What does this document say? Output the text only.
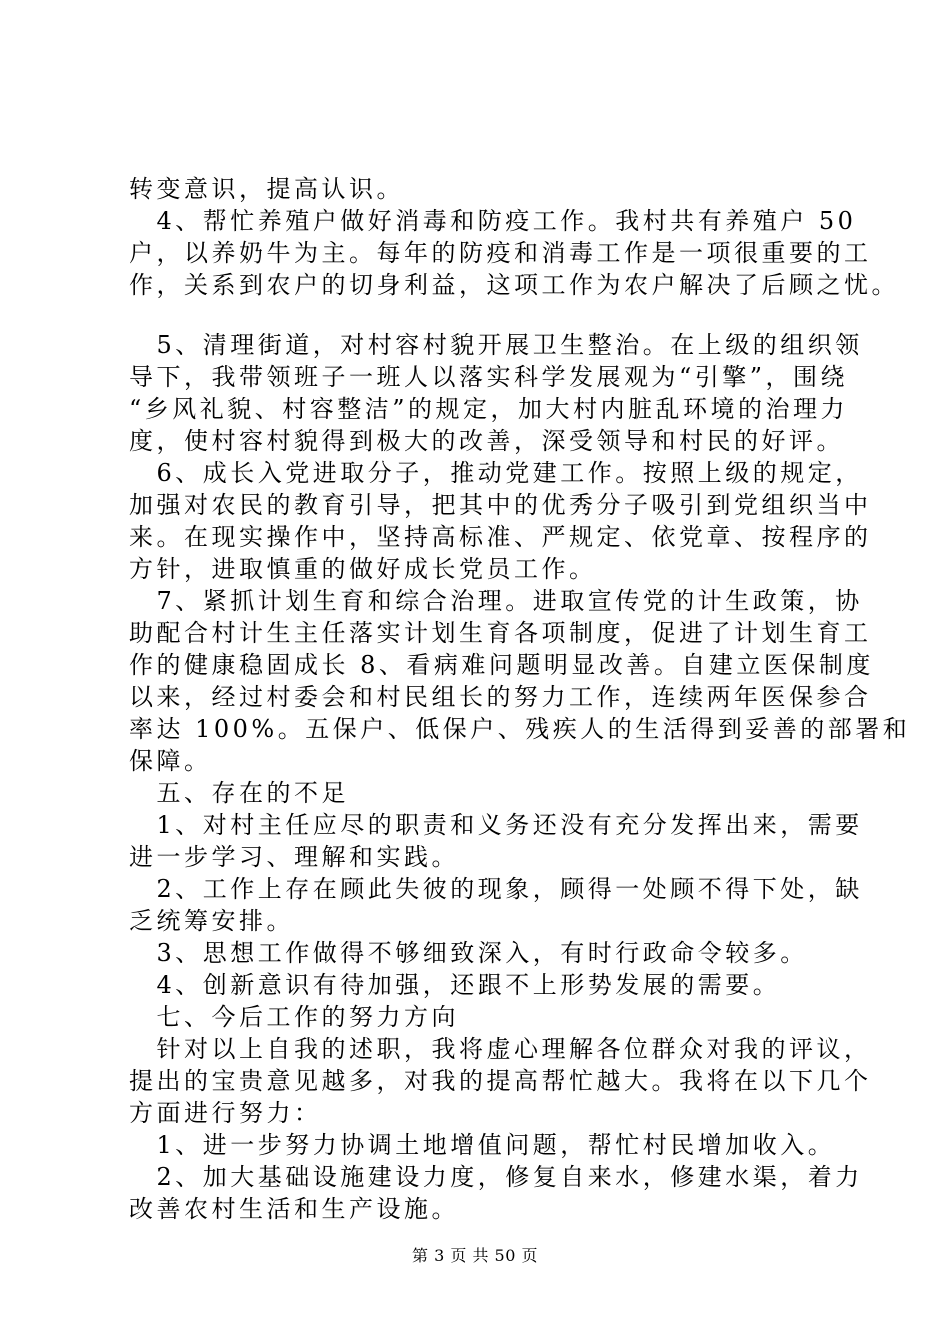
转变意识，提高认识。
　4、帮忙养殖户做好消毒和防疫工作。我村共有养殖户 50
户，以养奶牛为主。每年的防疫和消毒工作是一项很重要的工
作，关系到农户的切身利益，这项工作为农户解决了后顾之忧。
　5、清理街道，对村容村貌开展卫生整治。在上级的组织领
导下，我带领班子一班人以落实科学发展观为“引擎”，围绕
“乡风礼貌、村容整洁”的规定，加大村内脏乱环境的治理力
度，使村容村貌得到极大的改善，深受领导和村民的好评。
　6、成长入党进取分子，推动党建工作。按照上级的规定，
加强对农民的教育引导，把其中的优秀分子吸引到党组织当中
来。在现实操作中，坚持高标准、严规定、依党章、按程序的
方针，进取慎重的做好成长党员工作。
　7、紧抓计划生育和综合治理。进取宣传党的计生政策，协
助配合村计生主任落实计划生育各项制度，促进了计划生育工
作的健康稳固成长 8、看病难问题明显改善。自建立医保制度
以来，经过村委会和村民组长的努力工作，连续两年医保参合
率达 100%。五保户、低保户、残疾人的生活得到妥善的部署和
保障。
　五、存在的不足
　1、对村主任应尽的职责和义务还没有充分发挥出来，需要
进一步学习、理解和实践。
　2、工作上存在顾此失彼的现象，顾得一处顾不得下处，缺
乏统筹安排。
　3、思想工作做得不够细致深入，有时行政命令较多。
　4、创新意识有待加强，还跟不上形势发展的需要。
　七、今后工作的努力方向
　针对以上自我的述职，我将虚心理解各位群众对我的评议，
提出的宝贵意见越多，对我的提高帮忙越大。我将在以下几个
方面进行努力：
　1、进一步努力协调土地增值问题，帮忙村民增加收入。
　2、加大基础设施建设力度，修复自来水，修建水渠，着力
改善农村生活和生产设施。
第 3 页 共 50 页
